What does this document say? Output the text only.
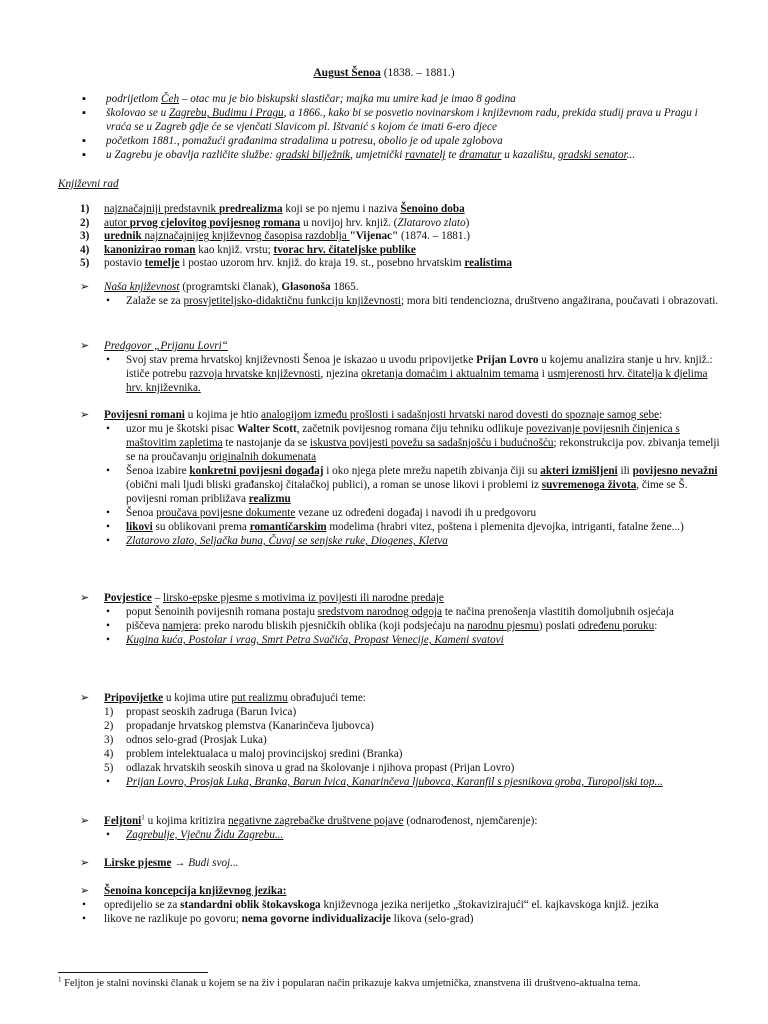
August Šenoa (1838. – 1881.)
▪ podrijetlom Čeh – otac mu je bio biskupski slastičar; majka mu umire kad je imao 8 godina
▪ školovao se u Zagrebu, Budimu i Pragu, a 1866., kako bi se posvetio novinarskom i književnom radu, prekida studij prava u Pragu i vraća se u Zagreb gdje će se vjenčati Slavicom pl. Ištvanić s kojom će imati 6-ero djece
▪ početkom 1881., pomažući građanima stradalima u potresu, obolio je od upale zglobova
▪ u Zagrebu je obavlja različite službe: gradski bilježnik, umjetnički ravnatelj te dramatur u kazalištu, gradski senator...
Književni rad
1) najznačajniji predstavnik predrealizma koji se po njemu i naziva Šenoino doba
2) autor prvog cjelovitog povijesnog romana u novijoj hrv. knjiž. (Zlatarovo zlato)
3) urednik najznačajnijeg književnog časopisa razdoblja "Vijenac" (1874. – 1881.)
4) kanonizirao roman kao knjiž. vrstu; tvorac hrv. čitateljske publike
5) postavio temelje i postao uzorom hrv. knjiž. do kraja 19. st., posebno hrvatskim realistima
➢ Naša književnost (programtski članak), Glasonoša 1865.
• Zalaže se za prosvjetiteljsko-didaktičnu funkciju književnosti; mora biti tendenciozna, društveno angažirana, poučavati i obrazovati.
➢ Predgovor „Prijanu Lovri“
• Svoj stav prema hrvatskoj književnosti Šenoa je iskazao u uvodu pripovijetke Prijan Lovro u kojemu analizira stanje u hrv. knjiž.: ističe potrebu razvoja hrvatske književnosti, njezina okretanja domaćim i aktualnim temama i usmjerenosti hrv. čitatelja k djelima hrv. književnika.
➢ Povijesni romani u kojima je htio analogijom između prošlosti i sadašnjosti hrvatski narod dovesti do spoznaje samog sebe:
• uzor mu je škotski pisac Walter Scott, začetnik povijesnog romana čiju tehniku odlikuje povezivanje povijesnih činjenica s maštovitim zapletima te nastojanje da se iskustva povijesti povežu sa sadašnjošću i budućnošću; rekonstrukcija pov. zbivanja temelji se na proučavanju originalnih dokumenata
• Šenoa izabire konkretni povijesni događaj i oko njega plete mrežu napetih zbivanja čiji su akteri izmišljeni ili povijesno nevažni (obični mali ljudi bliski građanskoj čitalačkoj publici), a roman se unose likovi i problemi iz suvremenoga života, čime se Š. povijesni roman približava realizmu
• Šenoa proučava povijesne dokumente vezane uz određeni događaj i navodi ih u predgovoru
• likovi su oblikovani prema romantičarskim modelima (hrabri vitez, poštena i plemenita djevojka, intriganti, fatalne žene...)
• Zlatarovo zlato, Seljačka buna, Čuvaj se senjske ruke, Diogenes, Kletva
➢ Povjestice – lirsko-epske pjesme s motivima iz povijesti ili narodne predaje
• poput Šenoinih povijesnih romana postaju sredstvom narodnog odgoja te načina prenošenja vlastitih domoljubnih osjećaja
• piščeva namjera: preko narodu bliskih pjesničkih oblika (koji podsjećaju na narodnu pjesmu) poslati određenu poruku:
• Kugina kuća, Postolar i vrag, Smrt Petra Svačića, Propast Venecije, Kameni svatovi
➢ Pripovijetke u kojima utire put realizmu obrađujući teme:
1) propast seoskih zadruga (Barun Ivica)
2) propadanje hrvatskog plemstva (Kanarinčeva ljubovca)
3) odnos selo-grad (Prosjak Luka)
4) problem intelektualaca u maloj provincijskoj sredini (Branka)
5) odlazak hrvatskih seoskih sinova u grad na školovanje i njihova propast (Prijan Lovro)
• Prijan Lovro, Prosjak Luka, Branka, Barun Ivica, Kanarinčeva ljubovca, Karanfil s pjesnikova groba, Turopoljski top...
➢ Feljtoni$^1$ u kojima kritizira negativne zagrebačke društvene pojave (odnarođenost, njemčarenje):
• Zagrebulje, Vječnu Židu Zagrebu...
➢ Lirske pjesme → Budi svoj...
➢ Šenoina koncepcija književnog jezika:
• opredijelio se za standardni oblik štokavskoga književnoga jezika nerijetko „štokavizirajući“ el. kajkavskoga knjiž. jezika
• likove ne razlikuje po govoru; nema govorne individualizacije likova (selo-grad)
$^1$ Feljton je stalni novinski članak u kojem se na živ i popularan način prikazuje kakva umjetnička, znanstvena ili društveno-aktualna tema.
